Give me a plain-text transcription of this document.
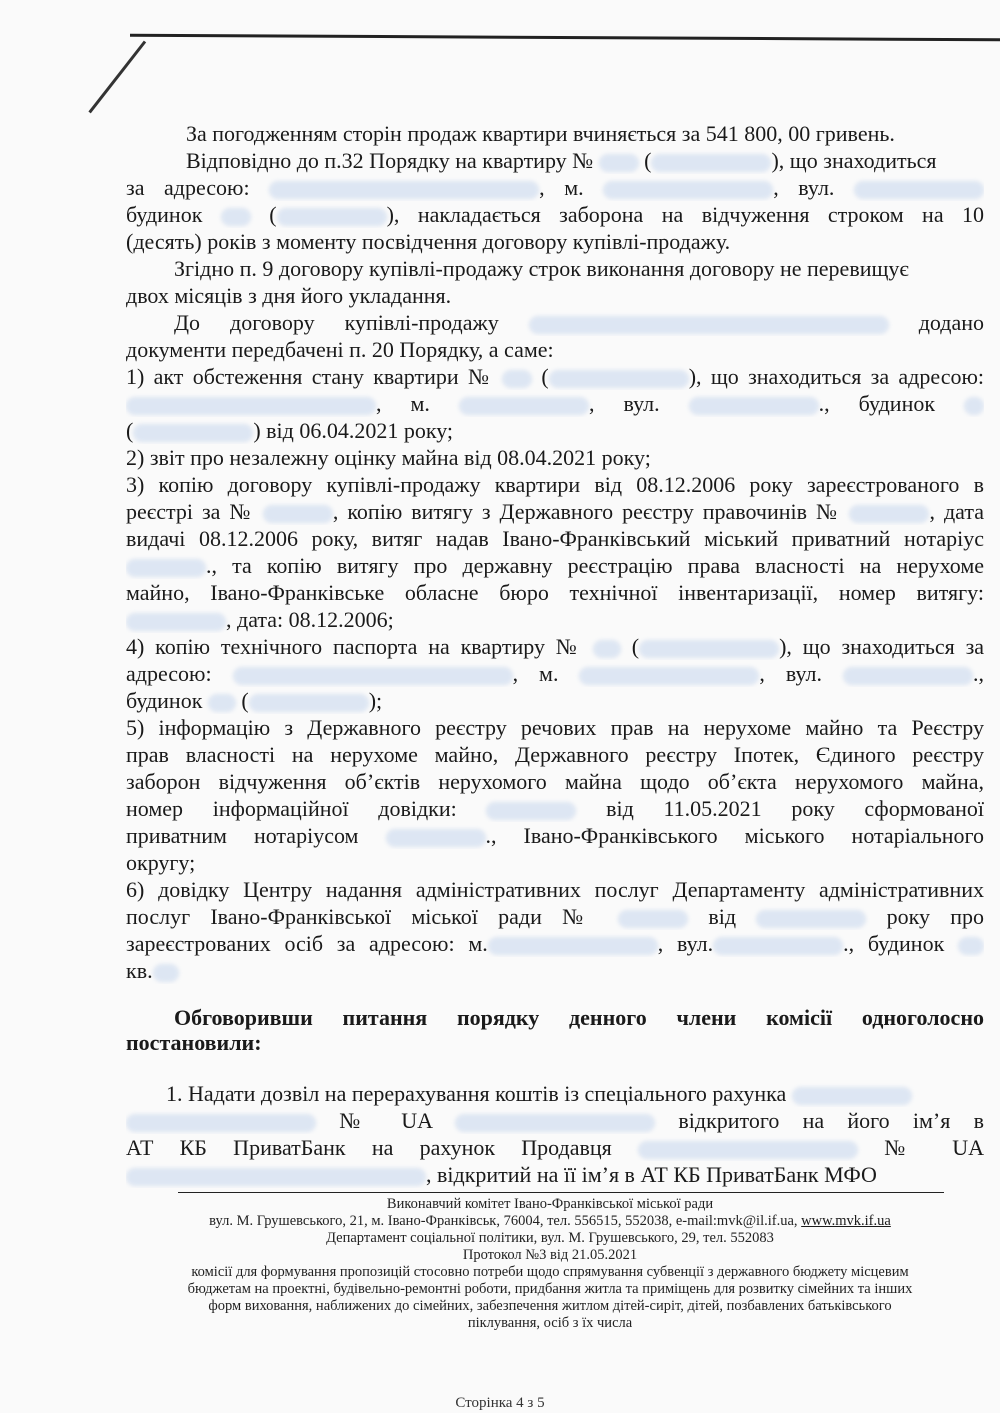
За погодженням сторін продаж квартири вчиняється за 541 800, 00 гривень.
Відповідно до п.32 Порядку на квартиру № (	), що знаходиться
за адресою:	, м.	, вул.
будинок	(	), накладається заборона на відчуження строком на 10
(десять) років з моменту посвідчення договору купівлі-продажу.
Згідно п. 9 договору купівлі-продажу строк виконання договору не перевищує
двох місяців з дня його укладання.
До договору купівлі-продажу	додано
документи передбачені п. 20 Порядку, а саме:
1) акт обстеження стану квартири № (	), що знаходиться за адресою:
, м.	, вул.	., будинок
(	) від 06.04.2021 року;
2) звіт про незалежну оцінку майна від 08.04.2021 року;
3) копію договору купівлі-продажу квартири від 08.12.2006 року зареєстрованого в
реєстрі за №	, копію витягу з Державного реєстру правочинів №	, дата
видачі 08.12.2006 року, витяг надав Івано-Франківський міський приватний нотаріус
., та копію витягу про державну реєстрацію права власності на нерухоме
майно, Івано-Франківське обласне бюро технічної інвентаризації, номер витягу:
, дата: 08.12.2006;
4) копію технічного паспорта на квартиру № (	), що знаходиться за
адресою:	, м.	, вул.	.,
будинок (	);
5) інформацію з Державного реєстру речових прав на нерухоме майно та Реєстру
прав власності на нерухоме майно, Державного реєстру Іпотек, Єдиного реєстру
заборон відчуження об’єктів нерухомого майна щодо об’єкта нерухомого майна,
номер інформаційної довідки:	від 11.05.2021 року сформованої
приватним нотаріусом	., Івано-Франківського міського нотаріального
округу;
6) довідку Центру надання адміністративних послуг Департаменту адміністративних
послуг Івано-Франківської міської ради №	від	року про
зареєстрованих осіб за адресою: м.	, вул.	., будинок
кв.
Обговоривши питання порядку денного члени комісії одноголосно
постановили:
1. Надати дозвіл на перерахування коштів із спеціального рахунка
№ UA	відкритого на його ім’я в
АТ КБ ПриватБанк на рахунок Продавця	№ UA
, відкритий на її ім’я в АТ КБ ПриватБанк МФО
Виконавчий комітет Івано-Франківської міської ради
вул. М. Грушевського, 21, м. Івано-Франківськ, 76004, тел. 556515, 552038, e-mail:mvk@il.if.ua, www.mvk.if.ua
Департамент соціальної політики, вул. М. Грушевського, 29, тел. 552083
Протокол №3 від 21.05.2021
комісії для формування пропозицій стосовно потреби щодо спрямування субвенції з державного бюджету місцевим
бюджетам на проектні, будівельно-ремонтні роботи, придбання житла та приміщень для розвитку сімейних та інших
форм виховання, наближених до сімейних, забезпечення житлом дітей-сиріт, дітей, позбавлених батьківського
піклування, осіб з їх числа
Сторінка 4 з 5
